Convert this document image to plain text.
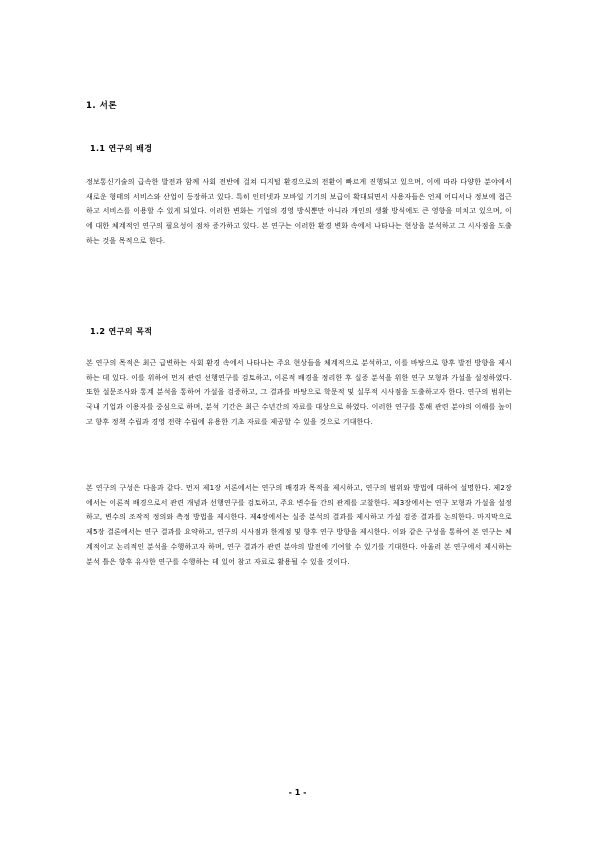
1. 서론
1.1 연구의 배경
정보통신기술의 급속한 발전과 함께 사회 전반에 걸쳐 디지털 환경으로의 전환이 빠르게 진행되고 있으며, 이에 따라 다양한 분야에서 새로운 형태의 서비스와 산업이 등장하고 있다. 특히 인터넷과 모바일 기기의 보급이 확대되면서 사용자들은 언제 어디서나 정보에 접근하고 서비스를 이용할 수 있게 되었다. 이러한 변화는 기업의 경영 방식뿐만 아니라 개인의 생활 방식에도 큰 영향을 미치고 있으며, 이에 대한 체계적인 연구의 필요성이 점차 증가하고 있다. 본 연구는 이러한 환경 변화 속에서 나타나는 현상을 분석하고 그 시사점을 도출하는 것을 목적으로 한다.
1.2 연구의 목적
본 연구의 목적은 최근 급변하는 사회 환경 속에서 나타나는 주요 현상들을 체계적으로 분석하고, 이를 바탕으로 향후 발전 방향을 제시하는 데 있다. 이를 위하여 먼저 관련 선행연구를 검토하고, 이론적 배경을 정리한 후 실증 분석을 위한 연구 모형과 가설을 설정하였다. 또한 설문조사와 통계 분석을 통하여 가설을 검증하고, 그 결과를 바탕으로 학문적 및 실무적 시사점을 도출하고자 한다. 연구의 범위는 국내 기업과 이용자를 중심으로 하며, 분석 기간은 최근 수년간의 자료를 대상으로 하였다. 이러한 연구를 통해 관련 분야의 이해를 높이고 향후 정책 수립과 경영 전략 수립에 유용한 기초 자료를 제공할 수 있을 것으로 기대한다.
본 연구의 구성은 다음과 같다. 먼저 제1장 서론에서는 연구의 배경과 목적을 제시하고, 연구의 범위와 방법에 대하여 설명한다. 제2장에서는 이론적 배경으로서 관련 개념과 선행연구를 검토하고, 주요 변수들 간의 관계를 고찰한다. 제3장에서는 연구 모형과 가설을 설정하고, 변수의 조작적 정의와 측정 방법을 제시한다. 제4장에서는 실증 분석의 결과를 제시하고 가설 검증 결과를 논의한다. 마지막으로 제5장 결론에서는 연구 결과를 요약하고, 연구의 시사점과 한계점 및 향후 연구 방향을 제시한다. 이와 같은 구성을 통하여 본 연구는 체계적이고 논리적인 분석을 수행하고자 하며, 연구 결과가 관련 분야의 발전에 기여할 수 있기를 기대한다. 아울러 본 연구에서 제시하는 분석 틀은 향후 유사한 연구를 수행하는 데 있어 참고 자료로 활용될 수 있을 것이다.
- 1 -
